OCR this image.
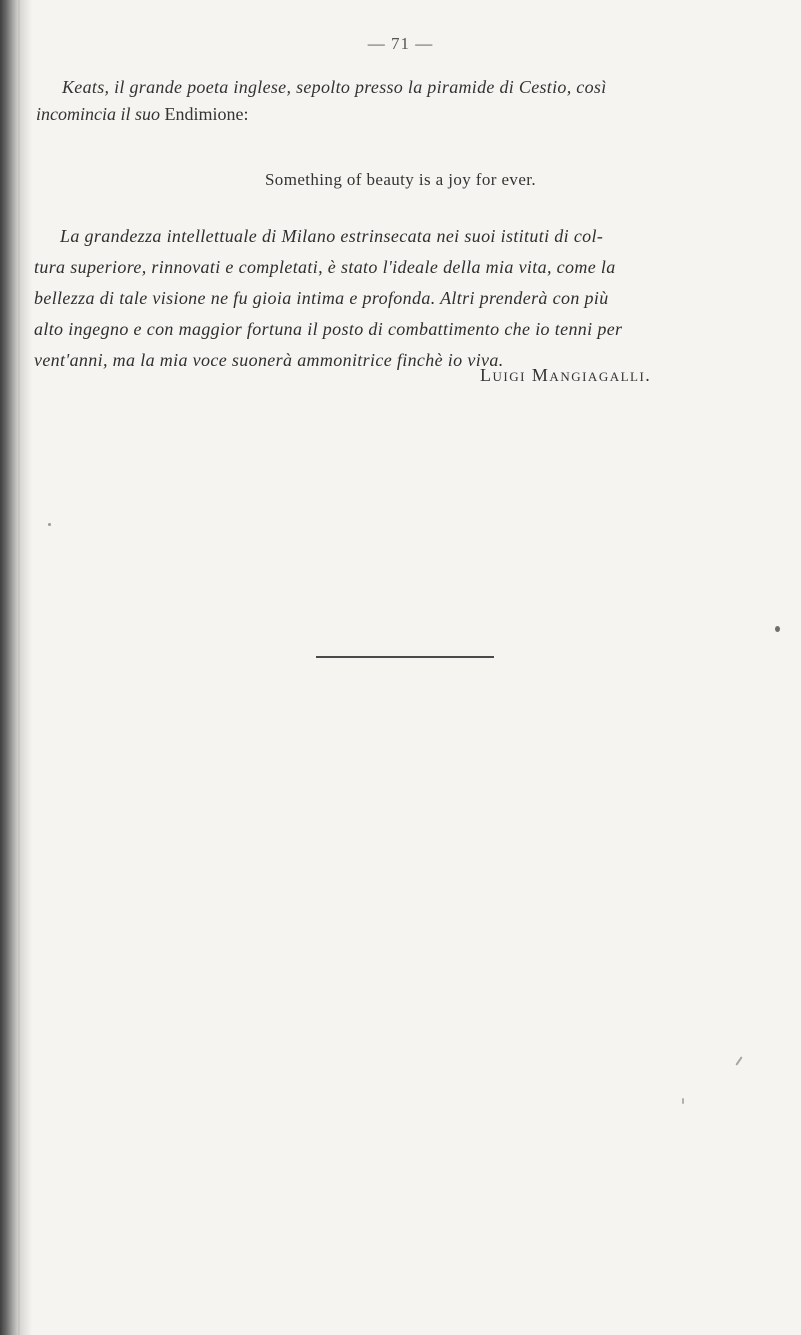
— 71 —
Keats, il grande poeta inglese, sepolto presso la piramide di Cestio, così
incomincia il suo Endimione:
Something of beauty is a joy for ever.
La grandezza intellettuale di Milano estrinsecata nei suoi istituti di col-
tura superiore, rinnovati e completati, è stato l'ideale della mia vita, come la
bellezza di tale visione ne fu gioia intima e profonda. Altri prenderà con più
alto ingegno e con maggior fortuna il posto di combattimento che io tenni per
vent'anni, ma la mia voce suonerà ammonitrice finchè io viva.
Luigi Mangiagalli.
